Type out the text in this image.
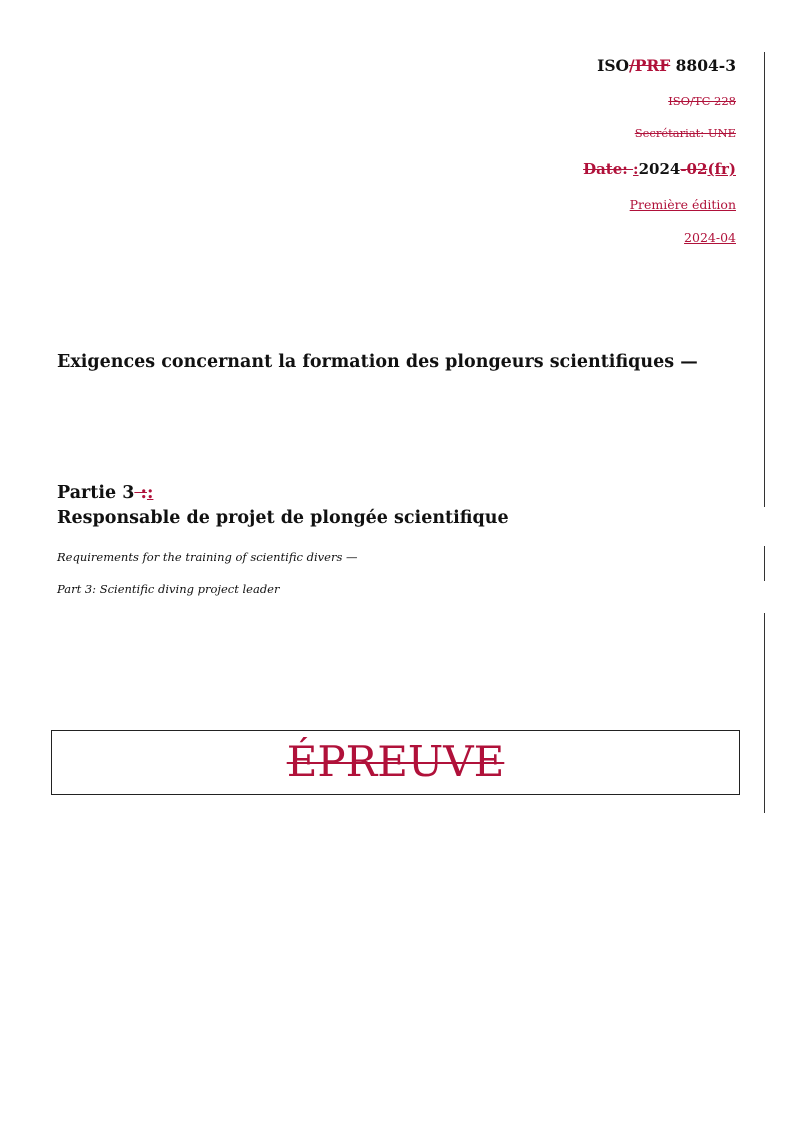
ISO/PRF 8804-3
ISO/TC 228
Secrétariat: UNE
Date: :2024-02(fr)
Première édition
2024-04
Exigences concernant la formation des plongeurs scientifiques —
Partie 3 ::
Responsable de projet de plongée scientifique
Requirements for the training of scientific divers —
Part 3: Scientific diving project leader
ÉPREUVE
